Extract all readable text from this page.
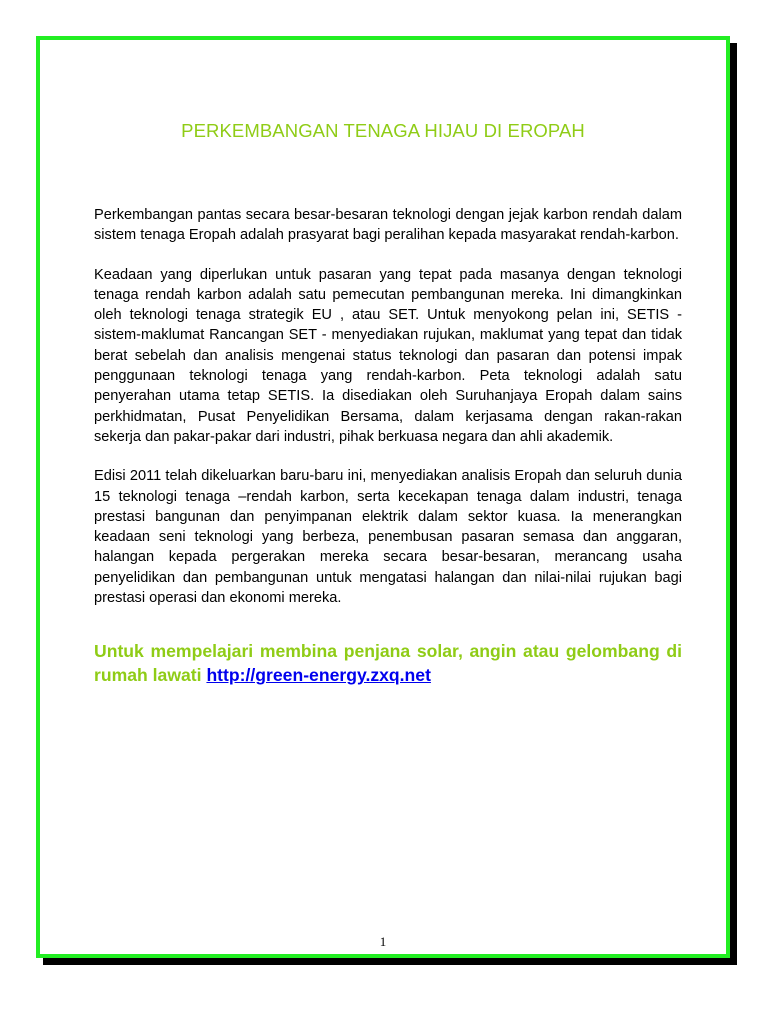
PERKEMBANGAN TENAGA HIJAU DI EROPAH

Perkembangan pantas secara besar-besaran teknologi dengan jejak karbon rendah dalam sistem tenaga Eropah adalah prasyarat bagi peralihan kepada masyarakat rendah-karbon.

Keadaan yang diperlukan untuk pasaran yang tepat pada masanya dengan teknologi tenaga rendah karbon adalah satu pemecutan pembangunan mereka. Ini dimangkinkan oleh teknologi tenaga strategik EU , atau SET. Untuk menyokong pelan ini, SETIS - sistem-maklumat Rancangan SET - menyediakan rujukan, maklumat yang tepat dan tidak berat sebelah dan analisis mengenai status teknologi dan pasaran dan potensi impak penggunaan teknologi tenaga yang rendah-karbon. Peta teknologi adalah satu penyerahan utama tetap SETIS. Ia disediakan oleh Suruhanjaya Eropah dalam sains perkhidmatan, Pusat Penyelidikan Bersama, dalam kerjasama dengan rakan-rakan sekerja dan pakar-pakar dari industri, pihak berkuasa negara dan ahli akademik.

Edisi 2011 telah dikeluarkan baru-baru ini, menyediakan analisis Eropah dan seluruh dunia 15 teknologi tenaga –rendah karbon, serta kecekapan tenaga dalam industri, tenaga prestasi bangunan dan penyimpanan elektrik dalam sektor kuasa. Ia menerangkan keadaan seni teknologi yang berbeza, penembusan pasaran semasa dan anggaran, halangan kepada pergerakan mereka secara besar-besaran, merancang usaha penyelidikan dan pembangunan untuk mengatasi halangan dan nilai-nilai rujukan bagi prestasi operasi dan ekonomi mereka.

Untuk mempelajari membina penjana solar, angin atau gelombang di rumah lawati http://green-energy.zxq.net

1
